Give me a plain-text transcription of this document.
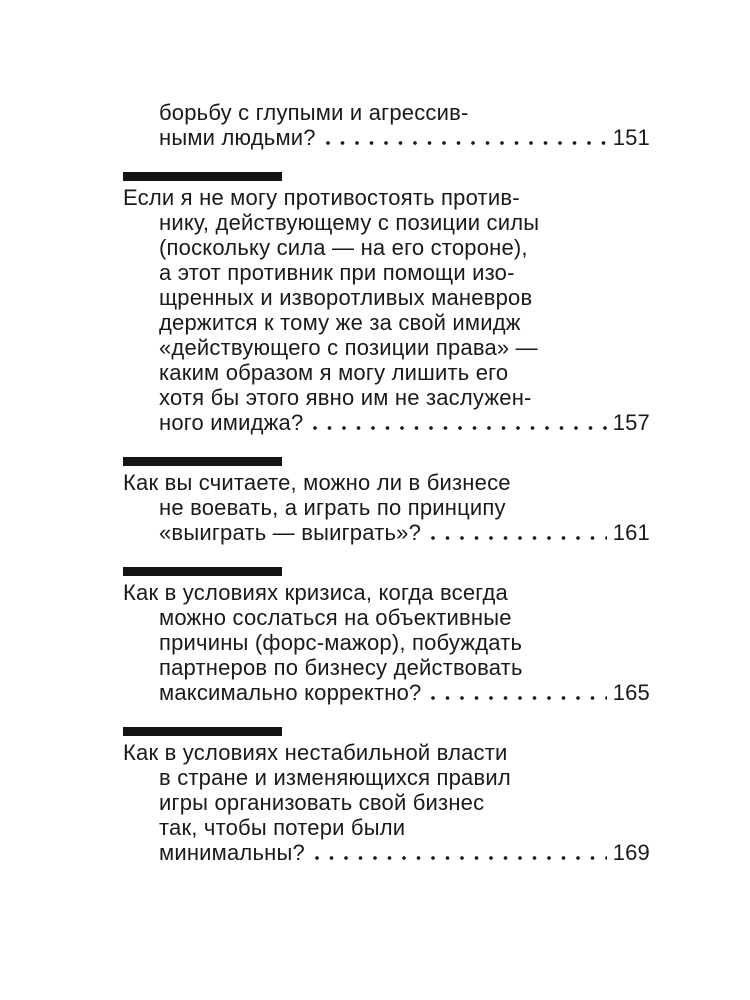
борьбу с глупыми и агрессив-
ными людьми?	151
Если я не могу противостоять против-
нику, действующему с позиции силы
(поскольку сила — на его стороне),
а этот противник при помощи изо-
щренных и изворотливых маневров
держится к тому же за свой имидж
«действующего с позиции права» —
каким образом я могу лишить его
хотя бы этого явно им не заслужен-
ного имиджа?	157
Как вы считаете, можно ли в бизнесе
не воевать, а играть по принципу
«выиграть — выиграть»?	161
Как в условиях кризиса, когда всегда
можно сослаться на объективные
причины (форс-мажор), побуждать
партнеров по бизнесу действовать
максимально корректно?	165
Как в условиях нестабильной власти
в стране и изменяющихся правил
игры организовать свой бизнес
так, чтобы потери были
минимальны?	169
